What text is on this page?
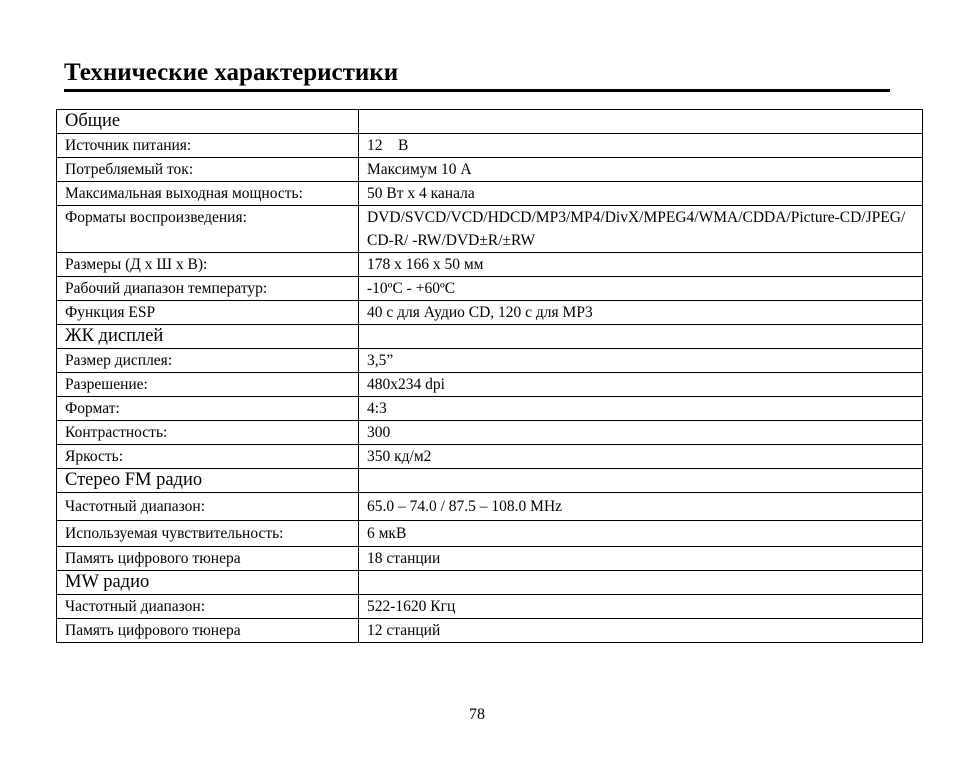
Технические характеристики
Общие	
Источник питания:	12    В
Потребляемый ток:	Максимум 10 А
Максимальная выходная мощность:	50 Вт х 4 канала
Форматы воспроизведения:	DVD/SVCD/VCD/HDCD/MP3/MP4/DivX/MPEG4/WMA/CDDA/Picture-CD/JPEG/CD-R/ -RW/DVD±R/±RW
Размеры (Д х Ш х В):	178 х 166 х 50 мм
Рабочий диапазон температур:	-10ºC - +60ºC
Функция ESP	40 с для Аудио CD, 120 с для MP3
ЖК дисплей	
Размер дисплея:	3,5”
Разрешение:	480x234 dpi
Формат:	4:3
Контрастность:	300
Яркость:	350 кд/м2
Стерео FM радио	
Частотный диапазон:	65.0 – 74.0 / 87.5 – 108.0 MHz
Используемая чувствительность:	6 мкВ
Память цифрового тюнера	18 станции
MW радио	
Частотный диапазон:	522-1620 Кгц
Память цифрового тюнера	12 станций
78
